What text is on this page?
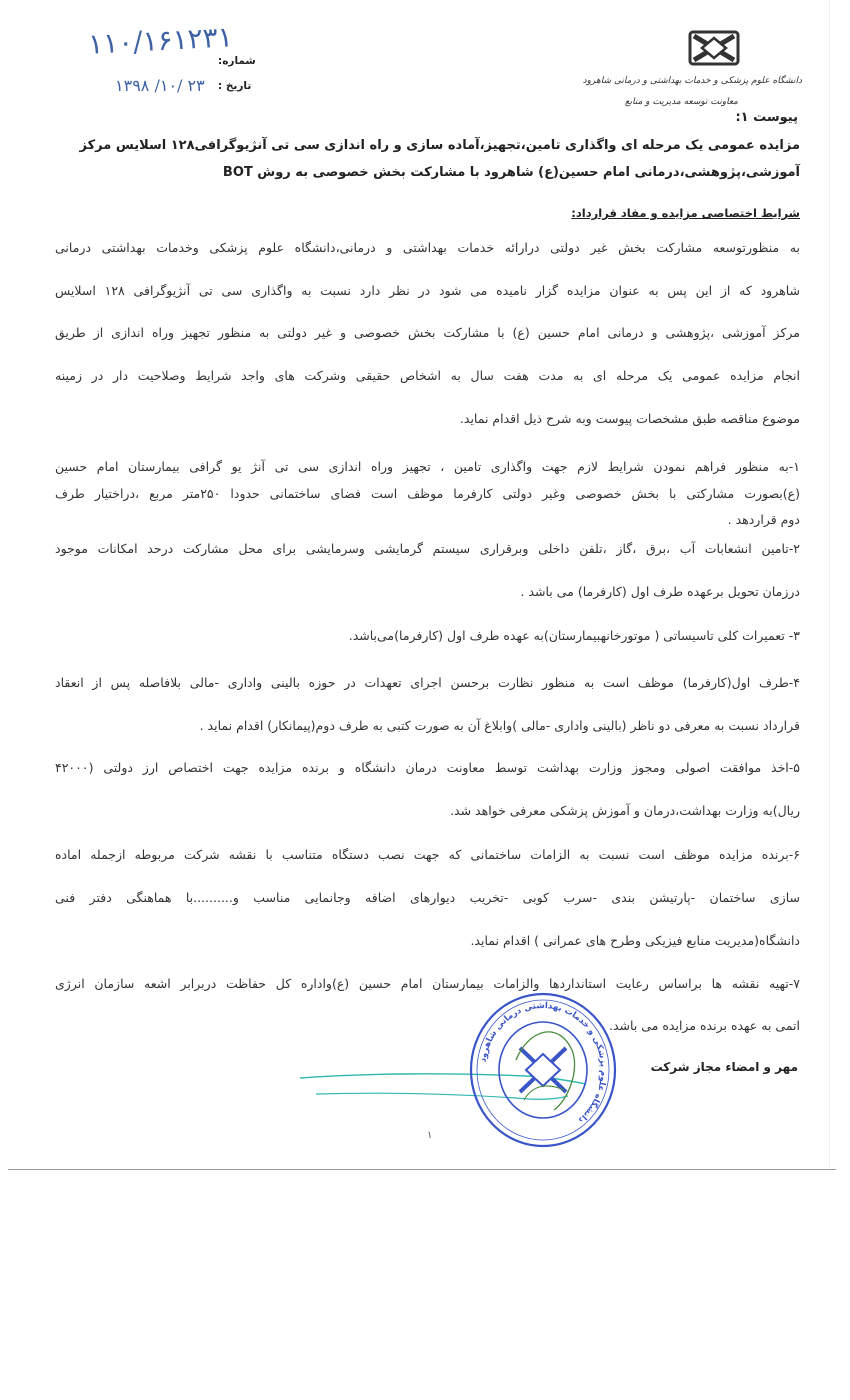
دانشگاه علوم پزشکی و خدمات بهداشتی و درمانی شاهرود
معاونت توسعه مدیریت و منابع
۱۱۰/۱۶۱۲۳۱
شماره:
۱۳۹۸ /۱۰/ ۲۳ تاریخ :
پیوست ۱:
مزایده عمومی یک مرحله ای واگذاری تامین،تجهیز،آماده سازی و راه اندازی سی تی آنژیوگرافی۱۲۸ اسلایس مرکز
آموزشی،پژوهشی،درمانی امام حسین(ع) شاهرود با مشارکت بخش خصوصی به روش BOT
شرایط اختصاصی مزایده و مفاد قرارداد:
به منظورتوسعه مشارکت بخش غیر دولتی درارائه خدمات بهداشتی و درمانی،دانشگاه علوم پزشکی وخدمات بهداشتی درمانی
شاهرود که از این پس به عنوان مزایده گزار نامیده می شود در نظر دارد نسبت به واگذاری سی تی آنژیوگرافی ۱۲۸ اسلایس
مرکز آموزشی ،پژوهشی و درمانی امام حسین (ع) با مشارکت بخش خصوصی و غیر دولتی به منظور تجهیز وراه اندازی از طریق
انجام مزایده عمومی یک مرحله ای به مدت هفت سال به اشخاص حقیقی وشرکت های واجد شرایط وصلاحیت دار در زمینه
موضوع مناقصه طبق مشخصات پیوست وبه شرح ذیل اقدام نماید.
۱-به منظور فراهم نمودن شرایط لازم جهت واگذاری تامین ، تجهیز وراه اندازی سی تی آنژ یو گرافی بیمارستان امام حسین
(ع)بصورت مشارکتی با بخش خصوصی وغیر دولتی کارفرما موظف است فضای ساختمانی حدودا ۲۵۰متر مربع ،دراختیار طرف
دوم قراردهد .
۲-تامین انشعابات آب ،برق ،گاز ،تلفن داخلی وبرقراری سیستم گرمایشی وسرمایشی برای محل مشارکت درحد امکانات موجود
درزمان تحویل برعهده طرف اول (کارفرما) می باشد .
۳- تعمیرات کلی تاسیساتی ( موتورخانهبیمارستان)به عهده طرف اول (کارفرما)می‌باشد.
۴-طرف اول(کارفرما) موظف است به منظور نظارت برحسن اجرای تعهدات در حوزه بالینی واداری -مالی بلافاصله پس از انعقاد
قرارداد نسبت به معرفی دو ناظر (بالینی واداری -مالی )وابلاغ آن به صورت کتبی به طرف دوم(پیمانکار) اقدام نماید .
۵-اخذ موافقت اصولی ومجوز وزارت بهداشت توسط معاونت درمان دانشگاه و برنده مزایده جهت اختصاص ارز دولتی (۴۲۰۰۰
ریال)به وزارت بهداشت،درمان و آموزش پزشکی معرفی خواهد شد.
۶-برنده مزایده موظف است نسبت به الزامات ساختمانی که جهت نصب دستگاه متناسب با نقشه شرکت مربوطه ازجمله اماده
سازی ساختمان -پارتیشن بندی -سرب کوبی -تخریب دیوارهای اضافه وجانمایی مناسب و..........با هماهنگی دفتر فنی
دانشگاه(مدیریت منابع فیزیکی وطرح های عمرانی ) اقدام نماید.
۷-تهیه نقشه ها براساس رعایت استانداردها والزامات بیمارستان امام حسین (ع)واداره کل حفاظت دربرابر اشعه سازمان انرژی
اتمی به عهده برنده مزایده می باشد.
مهر و امضاء مجاز شرکت
دانشگاه علوم پزشکی و خدمات بهداشتی درمانی شاهرود
۱
